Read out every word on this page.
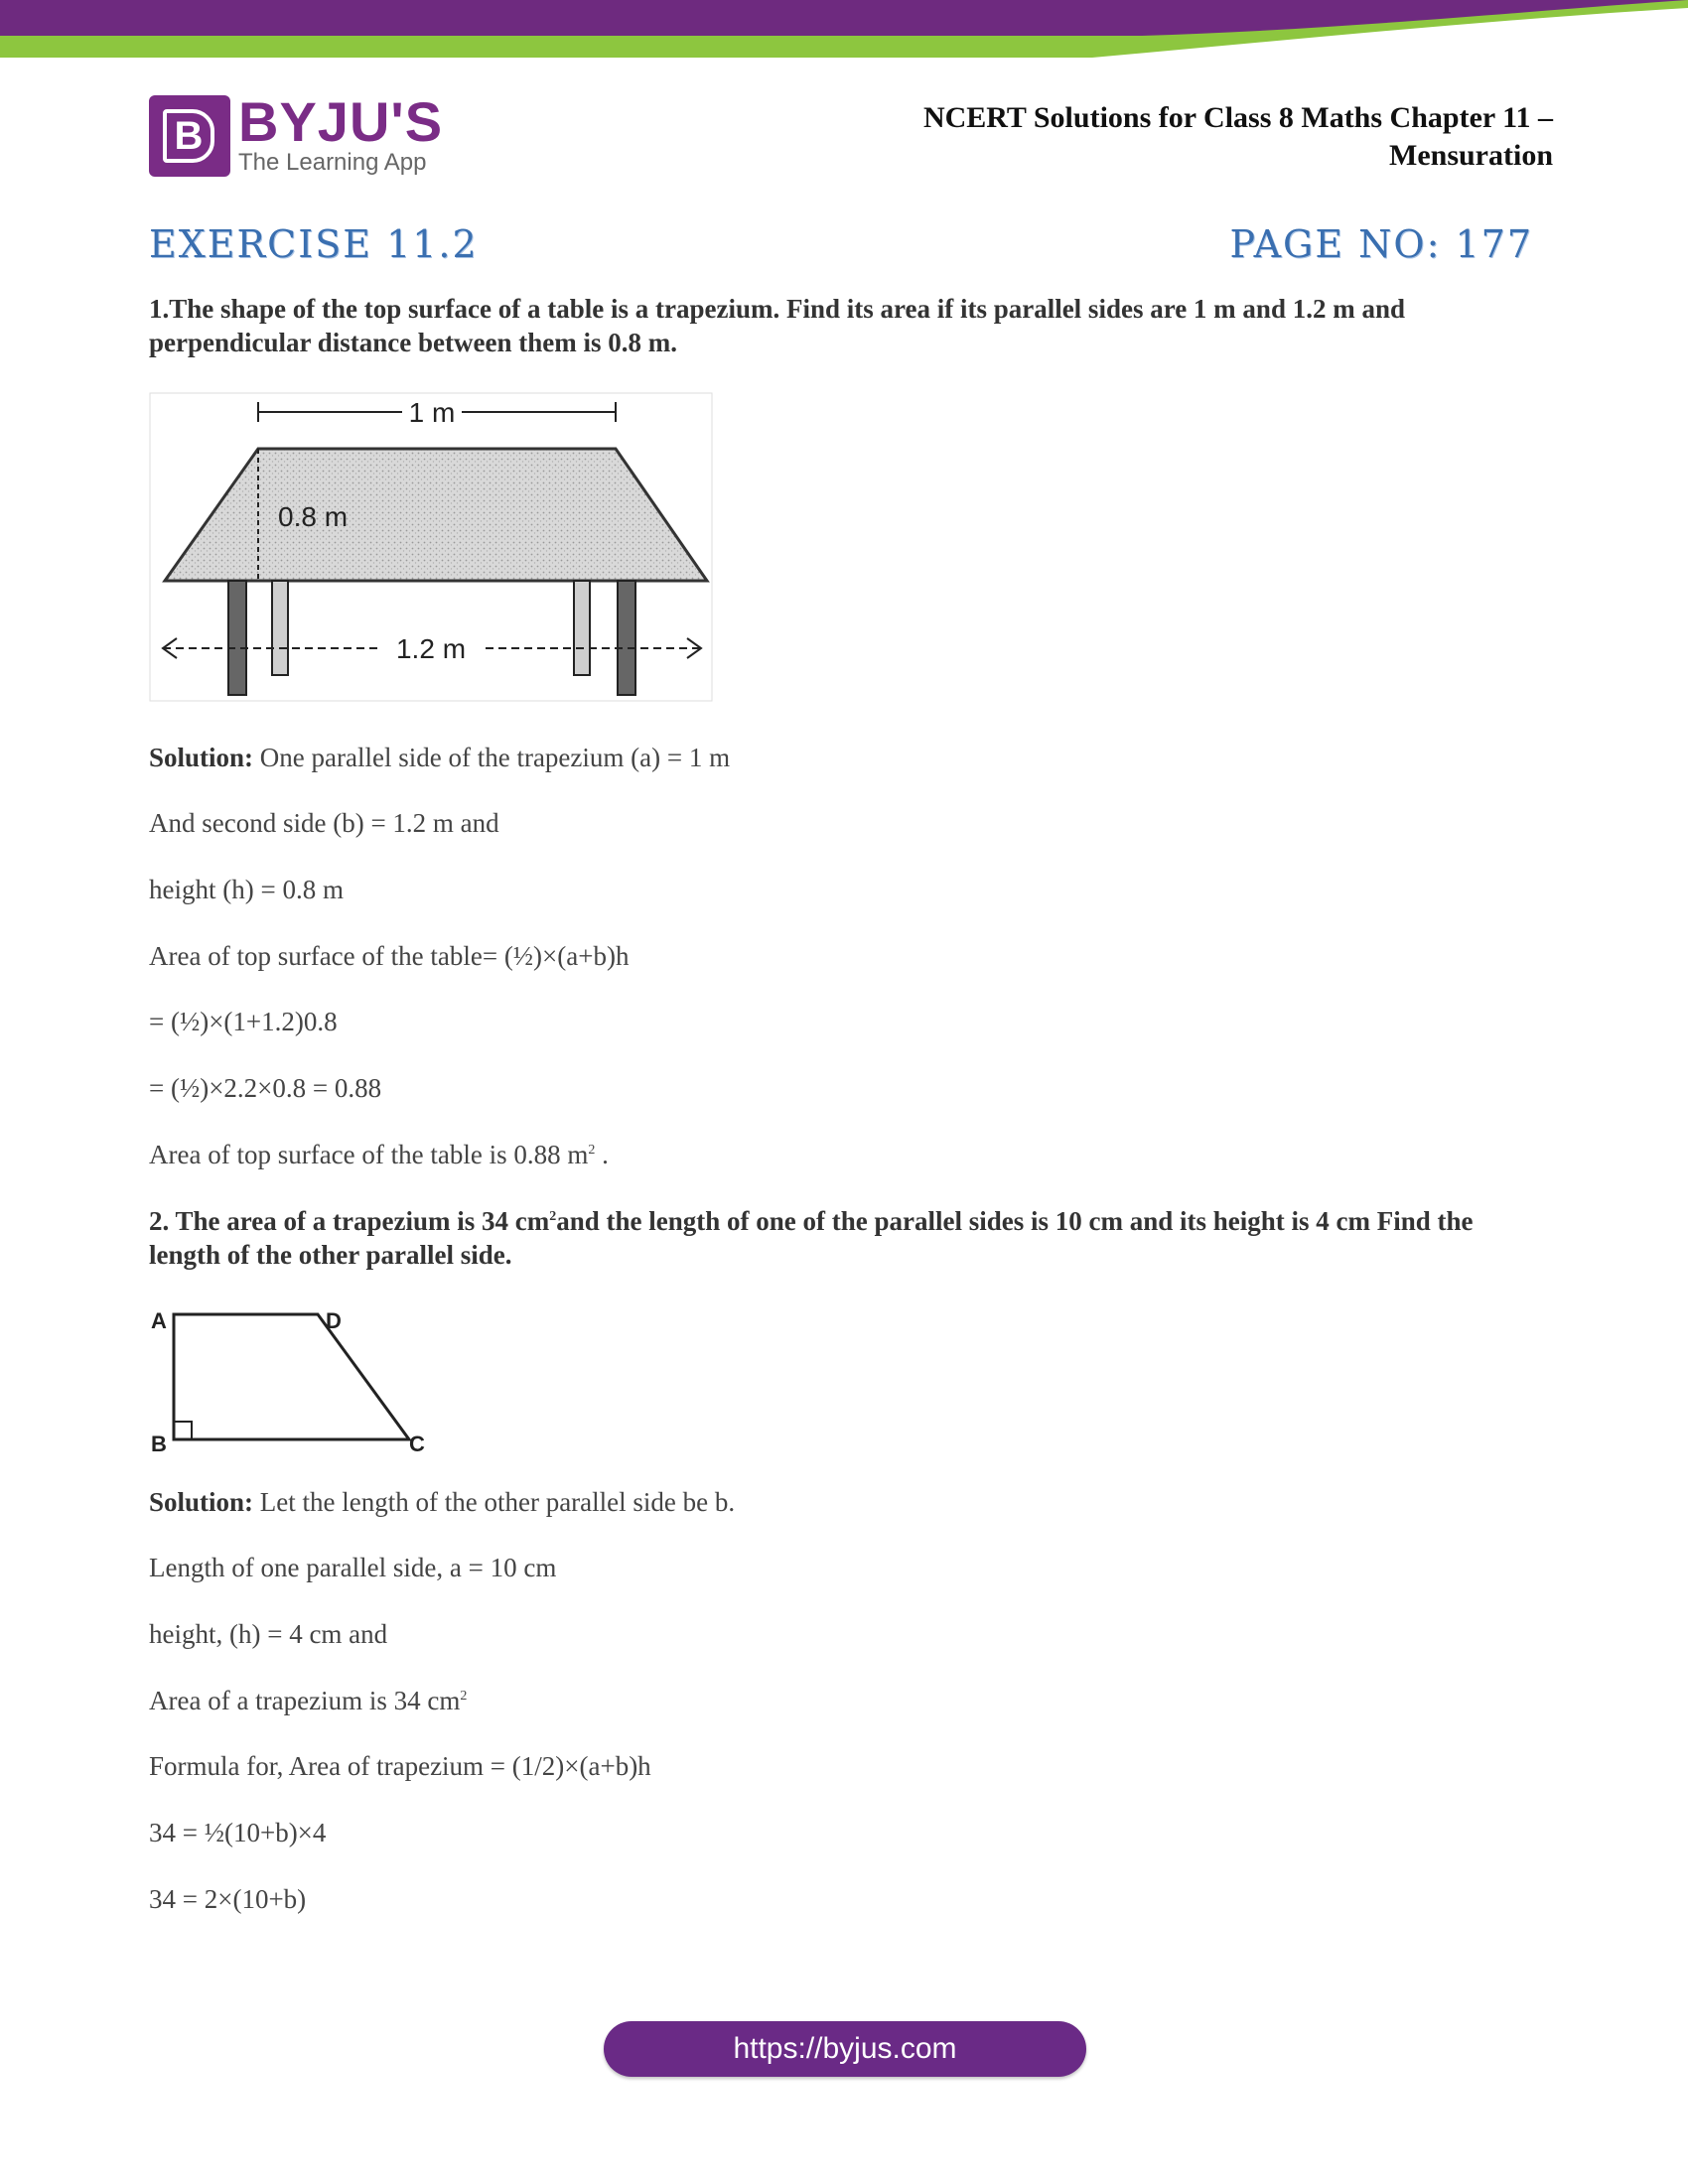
B BYJU'S
The Learning App
NCERT Solutions for Class 8 Maths Chapter 11 –
Mensuration
EXERCISE 11.2	PAGE NO: 177
1.The shape of the top surface of a table is a trapezium. Find its area if its parallel sides are 1 m and 1.2 m and perpendicular distance between them is 0.8 m.
1 m
0.8 m
1.2 m
Solution: One parallel side of the trapezium (a) = 1 m
And second side (b) = 1.2 m and
height (h) = 0.8 m
Area of top surface of the table= (½)×(a+b)h
= (½)×(1+1.2)0.8
= (½)×2.2×0.8 = 0.88
Area of top surface of the table is 0.88 $m^2$ .
2. The area of a trapezium is 34 $cm^2and$ the length of one of the parallel sides is 10 cm and its height is 4 cm Find the length of the other parallel side.
A	D
B	C
Solution: Let the length of the other parallel side be b.
Length of one parallel side, a = 10 cm
height, (h) = 4 cm and
Area of a trapezium is 34 $cm^2$
Formula for, Area of trapezium = (1/2)×(a+b)h
34 = ½(10+b)×4
34 = 2×(10+b)
https://byjus.com
